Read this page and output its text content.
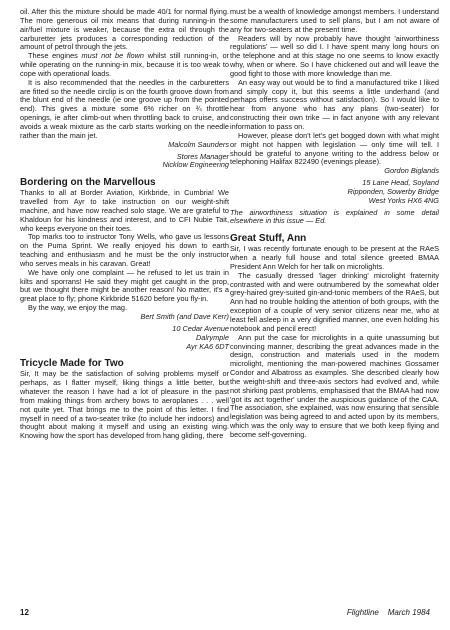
oil. After this the mixture should be made 40/1 for normal flying. The more generous oil mix means that during running-in the air/fuel mixture is weaker, because the extra oil through the carburetter jets produces a corresponding reduction of the amount of petrol through the jets.

These engines must not be flown whilst still running-in, or while operating on the running-in mix, because it is too weak to cope with operational loads.

It is also recommended that the needles in the carburetters are fitted so the needle circlip is on the fourth groove down from the blunt end of the needle (ie one groove up from the pointed end). This gives a mixture some 6% richer on ¾ throttle openings, ie after climb-out when throttling back to cruise, and avoids a weak mixture as the carb starts working on the needle rather than the main jet.

Malcolm Saunders
Stores Manager
Nicklow Engineering
Bordering on the Marvellous

Thanks to all at Border Aviation, Kirkbride, in Cumbria! We travelled from Ayr to take instruction on our weight-shift machine, and have now reached solo stage. We are grateful to Khaldoun for his kindness and interest, and to CFI Nubie Tait, who keeps everyone on their toes.

Top marks too to instructor Tony Wells, who gave us lessons on the Puma Sprint. We really enjoyed his down to earth teaching and enthusiasm and he must be the only instructor who serves meals in his caravan. Great!

We have only one complaint — he refused to let us train in kilts and sporrans! He said they might get caught in the prop, but we thought there might be another reason! No matter, it's a great place to fly; phone Kirkbride 51620 before you fly-in.

By the way, we enjoy the mag.

Bert Smith (and Dave Kerr)
10 Cedar Avenue
Dalrymple
Ayr KA6 6DT
Tricycle Made for Two

Sir, It may be the satisfaction of solving problems myself or perhaps, as I flatter myself, liking things a little better, but whatever the reason I have had a lot of pleasure in the past from making things from archery bows to aeroplanes . . . well not quite yet. That brings me to the point of this letter. I find myself in need of a two-seater trike (to include her indoors) and thought about making it myself and using an existing wing. Knowing how the sport has developed from hang gliding, there

must be a wealth of knowledge amongst members. I understand some manufacturers used to sell plans, but I am not aware of any for two-seaters at the present time.

Readers will by now probably have thought 'airworthiness regulations' — well so did I. I have spent many long hours on the telephone and at this stage no one seems to know exactly why, when or where. So I have chickened out and will leave the good fight to those with more knowledge than me.

An easy way out would be to find a manufactured trike I liked and simply copy it, but this seems a little underhand (and perhaps offers success without satisfaction). So I would like to hear from anyone who has any plans (two-seater) for constructing their own trike — in fact anyone with any relevant information to pass on.

However, please don't let's get bogged down with what might or might not happen with legislation — only time will tell. I should be grateful to anyone writing to the address below or telephoning Halifax 822490 (evenings please).

Gordon Biglands
15 Lane Head, Soyland
Ripponden, Sowerby Bridge
West Yorks HX6 4NG

The airworthiness situation is explained in some detail elsewhere in this issue — Ed.

Great Stuff, Ann

Sir, I was recently fortunate enough to be present at the RAeS when a nearly full house and total silence greeted BMAA President Ann Welch for her talk on microlights.

The casually dressed 'lager drinking' microlight fraternity contrasted with and were outnumbered by the somewhat older grey-haired grey-suited gin-and-tonic members of the RAeS, but Ann had no trouble holding the attention of both groups, with the exception of a couple of very senior citizens near me, who at least fell asleep in a very dignified manner, one even holding his notebook and pencil erect!

Ann put the case for microlights in a quite unassuming but convincing manner, describing the great advances made in the design, construction and materials used in the modern microlight, mentioning the man-powered machines Gossamer Condor and Albatross as examples. She described clearly how the weight-shift and three-axis sectors had evolved and, while not shirking past problems, emphasised that the BMAA had now 'got its act together' under the auspicious guidance of the CAA. The association, she explained, was now ensuring that sensible legislation was being agreed to and acted upon by its members, which was the only way to ensure that we both keep flying and become self-governing.

12	Flightline March 1984
